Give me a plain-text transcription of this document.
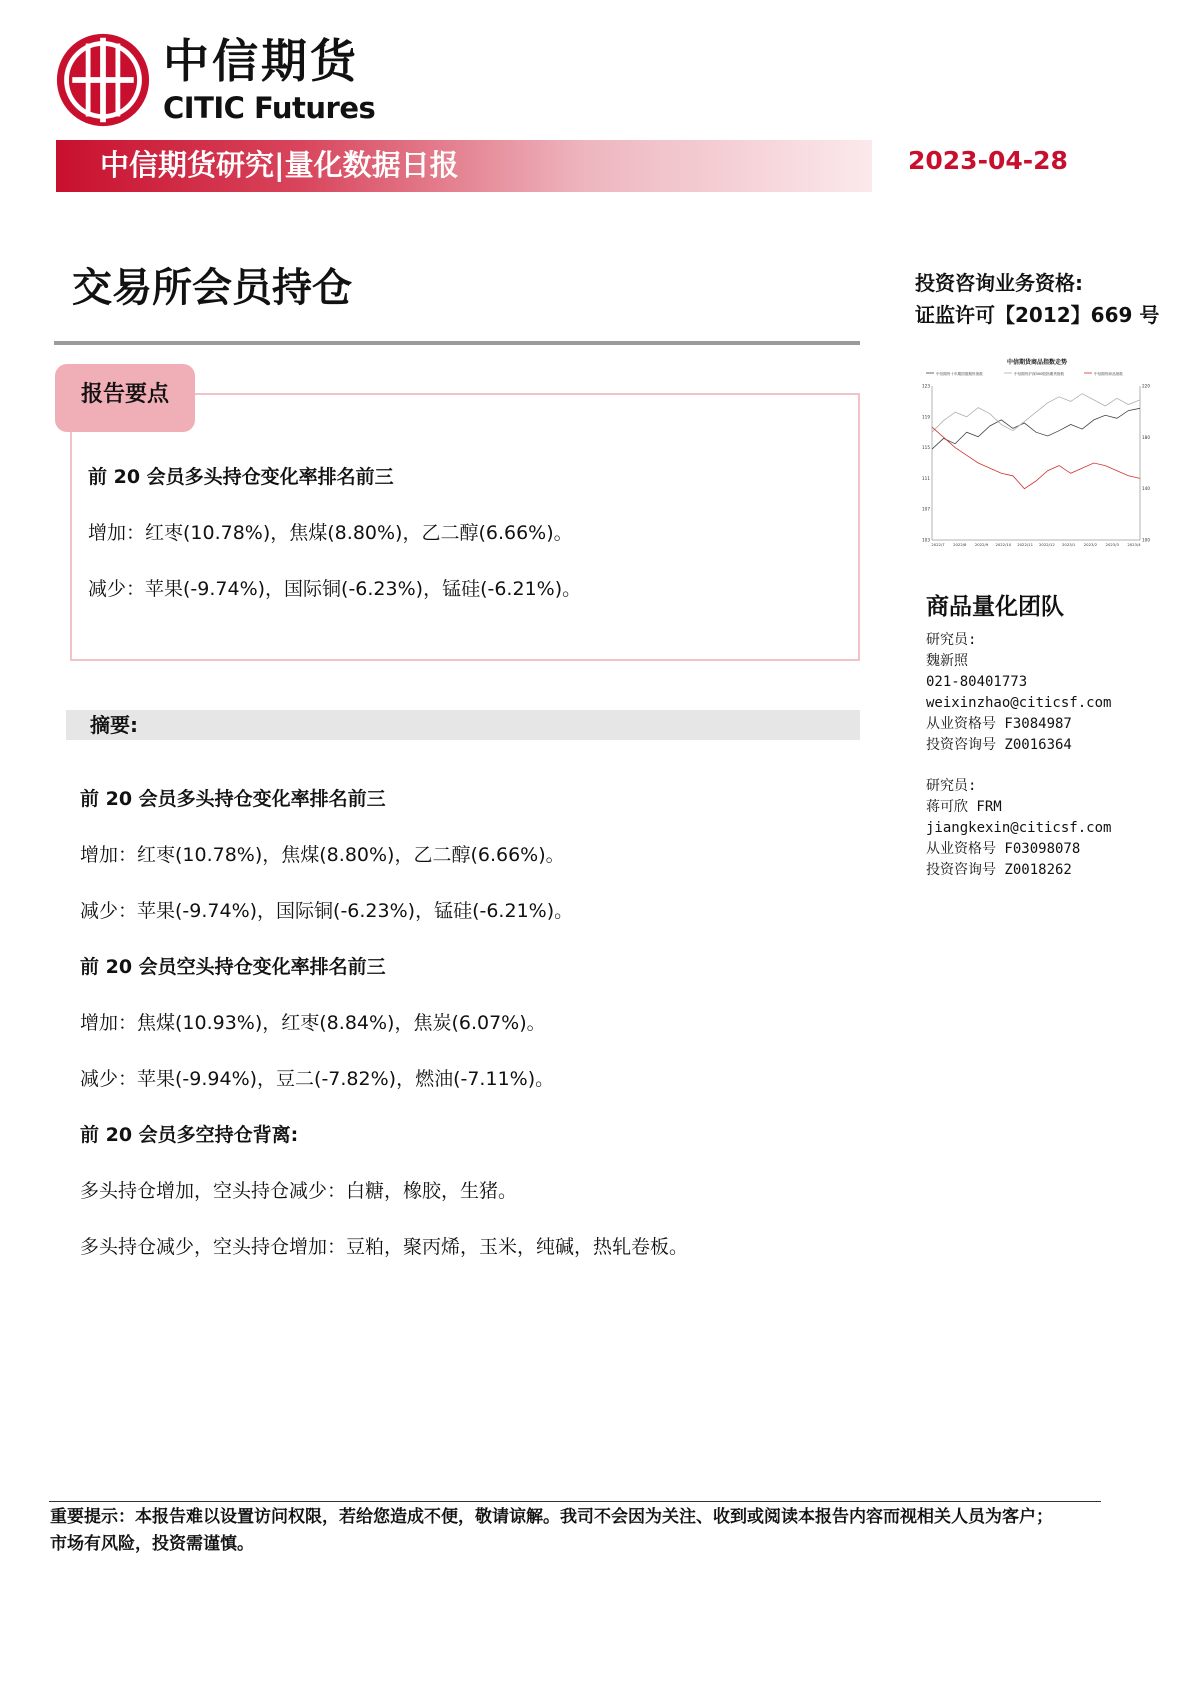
中信期货
CITIC Futures
中信期货研究|量化数据日报	2023-04-28
交易所会员持仓	投资咨询业务资格:
证监许可【2012】669 号
报告要点
前 20 会员多头持仓变化率排名前三
增加：红枣(10.78%)，焦煤(8.80%)，乙二醇(6.66%)。
减少：苹果(-9.74%)，国际铜(-6.23%)，锰硅(-6.21%)。
摘要:
前 20 会员多头持仓变化率排名前三
增加：红枣(10.78%)，焦煤(8.80%)，乙二醇(6.66%)。
减少：苹果(-9.74%)，国际铜(-6.23%)，锰硅(-6.21%)。
前 20 会员空头持仓变化率排名前三
增加：焦煤(10.93%)，红枣(8.84%)，焦炭(6.07%)。
减少：苹果(-9.94%)，豆二(-7.82%)，燃油(-7.11%)。
前 20 会员多空持仓背离:
多头持仓增加，空头持仓减少：白糖，橡胶，生猪。
多头持仓减少，空头持仓增加：豆粕，聚丙烯，玉米，纯碱，热轧卷板。
中信期货商品指数走势
中信期货十年期国债期货指数	中信期货沪深300股指期货指数	中信期货商品指数
103
107
111
115
119
123
100
140
180
220
2022/7 2022/8 2022/9 2022/10 2022/11 2022/12 2023/1 2023/2 2023/3 2023/4
商品量化团队
研究员:
魏新照
021-80401773
weixinzhao@citicsf.com
从业资格号 F3084987
投资咨询号 Z0016364
研究员:
蒋可欣 FRM
jiangkexin@citicsf.com
从业资格号 F03098078
投资咨询号 Z0018262
重要提示：本报告难以设置访问权限，若给您造成不便，敬请谅解。我司不会因为关注、收到或阅读本报告内容而视相关人员为客户；
市场有风险，投资需谨慎。
